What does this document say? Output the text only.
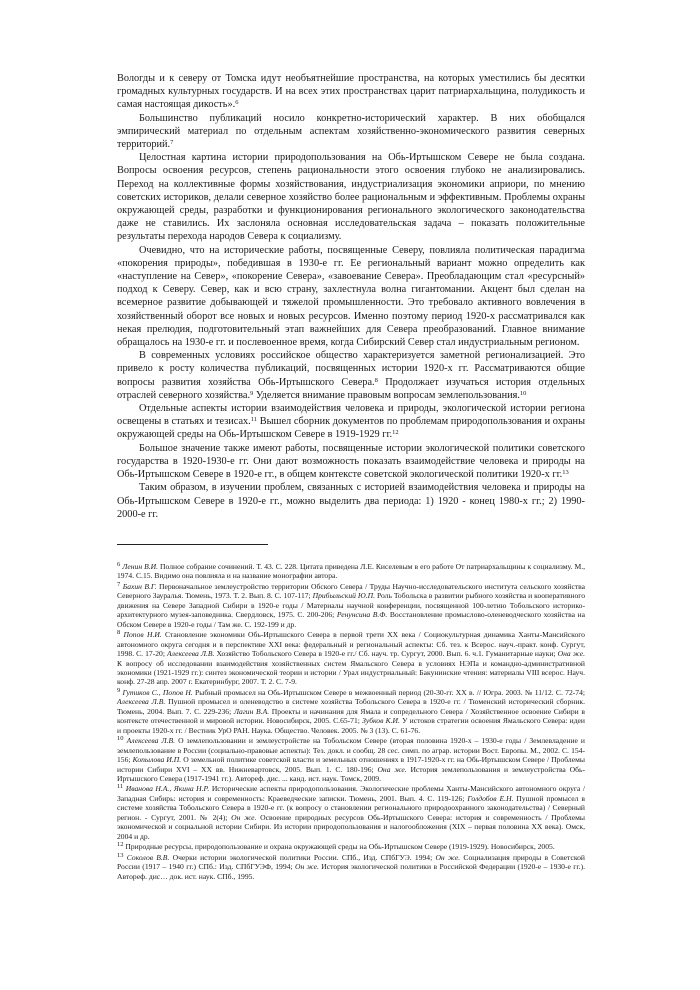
Вологды и к северу от Томска идут необъятнейшие пространства, на которых уместились бы десятки громадных культурных государств. И на всех этих пространствах царит патриархальщина, полудикость и самая настоящая дикость».$^6$

Большинство публикаций носило конкретно-исторический характер. В них обобщался эмпирический материал по отдельным аспектам хозяйственно-экономического развития северных территорий.$^7$

Целостная картина истории природопользования на Обь-Иртышском Севере не была создана. Вопросы освоения ресурсов, степень рациональности этого освоения глубоко не анализировались. Переход на коллективные формы хозяйствования, индустриализация экономики априори, по мнению советских историков, делали северное хозяйство более рациональным и эффективным. Проблемы охраны окружающей среды, разработки и функционирования регионального экологического законодательства даже не ставились. Их заслоняла основная исследовательская задача – показать положительные результаты перехода народов Севера к социализму.

Очевидно, что на исторические работы, посвященные Северу, повлияла политическая парадигма «покорения природы», победившая в 1930-е гг. Ее региональный вариант можно определить как «наступление на Север», «покорение Севера», «завоевание Севера». Преобладающим стал «ресурсный» подход к Северу. Север, как и всю страну, захлестнула волна гигантомании. Акцент был сделан на всемерное развитие добывающей и тяжелой промышленности. Это требовало активного вовлечения в хозяйственный оборот все новых и новых ресурсов. Именно поэтому период 1920-х рассматривался как некая прелюдия, подготовительный этап важнейших для Севера преобразований. Главное внимание обращалось на 1930-е гг. и послевоенное время, когда Сибирский Север стал индустриальным регионом.

В современных условиях российское общество характеризуется заметной регионализацией. Это привело к росту количества публикаций, посвященных истории 1920-х гг. Рассматриваются общие вопросы развития хозяйства Обь-Иртышского Севера.$^8$ Продолжает изучаться история отдельных отраслей северного хозяйства.$^9$ Уделяется внимание правовым вопросам землепользования.$^{10}$

Отдельные аспекты истории взаимодействия человека и природы, экологической истории региона освещены в статьях и тезисах.$^{11}$ Вышел сборник документов по проблемам природопользования и охраны окружающей среды на Обь-Иртышском Севере в 1919-1929 гг.$^{12}$

Большое значение также имеют работы, посвященные истории экологической политики советского государства в 1920-1930-е гг. Они дают возможность показать взаимодействие человека и природы на Обь-Иртышском Севере в 1920-е гг., в общем контексте советской экологической политики 1920-х гг.$^{13}$

Таким образом, в изучении проблем, связанных с историей взаимодействия человека и природы на Обь-Иртышском Севере в 1920-е гг., можно выделить два периода: 1) 1920 - конец 1980-х гг.; 2) 1990-2000-е гг.

$^6$ Ленин В.И. Полное собрание сочинений. Т. 43. С. 228. Цитата приведена Л.Е. Киселевым в его работе От патриархальщины к социализму. М., 1974. С.15. Видимо она повлияла и на название монографии автора.

$^7$ Бахин В.Г. Первоначальное землеустройство территории Обского Севера / Труды Научно-исследовательского института сельского хозяйства Северного Зауралья. Тюмень, 1973. Т. 2. Вып. 8. С. 107-117; Прибыльский Ю.П. Роль Тобольска в развитии рыбного хозяйства и кооперативного движения на Севере Западной Сибири в 1920-е годы / Материалы научной конференции, посвященной 100-летию Тобольского историко-архитектурного музея-заповедника. Свердловск, 1975. С. 200-206; Ренунсина В.Ф. Восстановление промыслово-оленеводческого хозяйства на Обском Севере в 1920-е годы / Там же. С. 192-199 и др.

$^8$ Попов Н.И. Становление экономики Обь-Иртышского Севера в первой трети XX века / Социокультурная динамика Ханты-Мансийского автономного округа сегодня и в перспективе XXI века: федеральный и региональный аспекты: Сб. тез. к Всерос. науч.-практ. конф. Сургут, 1998. С. 17-20; Алексеева Л.В. Хозяйство Тобольского Севера в 1920-е гг./ Сб. науч. тр. Сургут, 2000. Вып. 6. ч.1. Гуманитарные науки; Она же. К вопросу об исследовании взаимодействия хозяйственных систем Ямальского Севера в условиях НЭПа и командно-административной экономики (1921-1929 гг.): синтез экономической теории и истории / Урал индустриальный: Бакунинские чтения: материалы VIII всерос. Науч. конф. 27-28 апр. 2007 г. Екатеринбург, 2007. Т. 2. С. 7-9.

$^9$ Гутиков С., Попов Н. Рыбный промысел на Обь-Иртышском Севере в межвоенный период (20-30-гг. XX в. // Югра. 2003. № 11/12. С. 72-74; Алексеева Л.В. Пушной промысел и оленеводство в системе хозяйства Тобольского Севера в 1920-е гг. / Тюменский исторический сборник. Тюмень, 2004. Вып. 7. С. 229-236; Лагин В.А. Проекты и начинания для Ямала и сопредельного Севера / Хозяйственное освоение Сибири в контексте отечественной и мировой истории. Новосибирск, 2005. С.65-71; Зубков К.И. У истоков стратегии освоения Ямальского Севера: идеи и проекты 1920-х гг. / Вестник УрО РАН. Наука. Общество. Человек. 2005. № 3 (13). С. 61-76.

$^{10}$ Алексеева Л.В. О землепользовании и землеустройстве на Тобольском Севере (вторая половина 1920-х – 1930-е годы / Землевладение и землепользование в России (социально-правовые аспекты): Тез. докл. и сообщ. 28 сес. симп. по аграр. истории Вост. Европы. М., 2002. С. 154-156; Копылова И.П. О земельной политике советской власти и земельных отношениях в 1917-1920-х гг. на Обь-Иртышском Севере / Проблемы истории Сибири XVI – XX вв. Нижневартовск, 2005. Вып. 1. С. 180-196; Она же. История землепользования и землеустройства Обь-Иртышского Севера (1917-1941 гг.). Автореф. дис. ... канд. ист. наук. Томск, 2009.

$^{11}$ Иванова Н.А., Якина Н.Р. Исторические аспекты природопользования. Экологические проблемы Ханты-Мансийского автономного округа / Западная Сибирь: история и современность: Краеведческие записки. Тюмень, 2001. Вып. 4. С. 119-126; Голдобов Е.Н. Пушной промысел в системе хозяйства Тобольского Севера в 1920-е гг. (к вопросу о становлении регионального природоохранного законодательства) / Северный регион. - Сургут, 2001. № 2(4); Он же. Освоение природных ресурсов Обь-Иртышского Севера: история и современность / Проблемы экономической и социальной истории Сибири. Из истории природопользования и налогообложения (XIX – первая половина XX века). Омск, 2004 и др.

$^{12}$ Природные ресурсы, природопользование и охрана окружающей среды на Обь-Иртышском Севере (1919-1929). Новосибирск, 2005.

$^{13}$ Соколов В.В. Очерки истории экологической политики России. СПб., Изд. СПбГУЭ. 1994; Он же. Социализация природы в Советской России (1917 – 1940 гг.) СПб.: Изд. СПбГУЭФ, 1994; Он же. История экологической политики в Российской Федерации (1920-е – 1930-е гг.). Автореф. дис… док. ист. наук. СПб., 1995.
